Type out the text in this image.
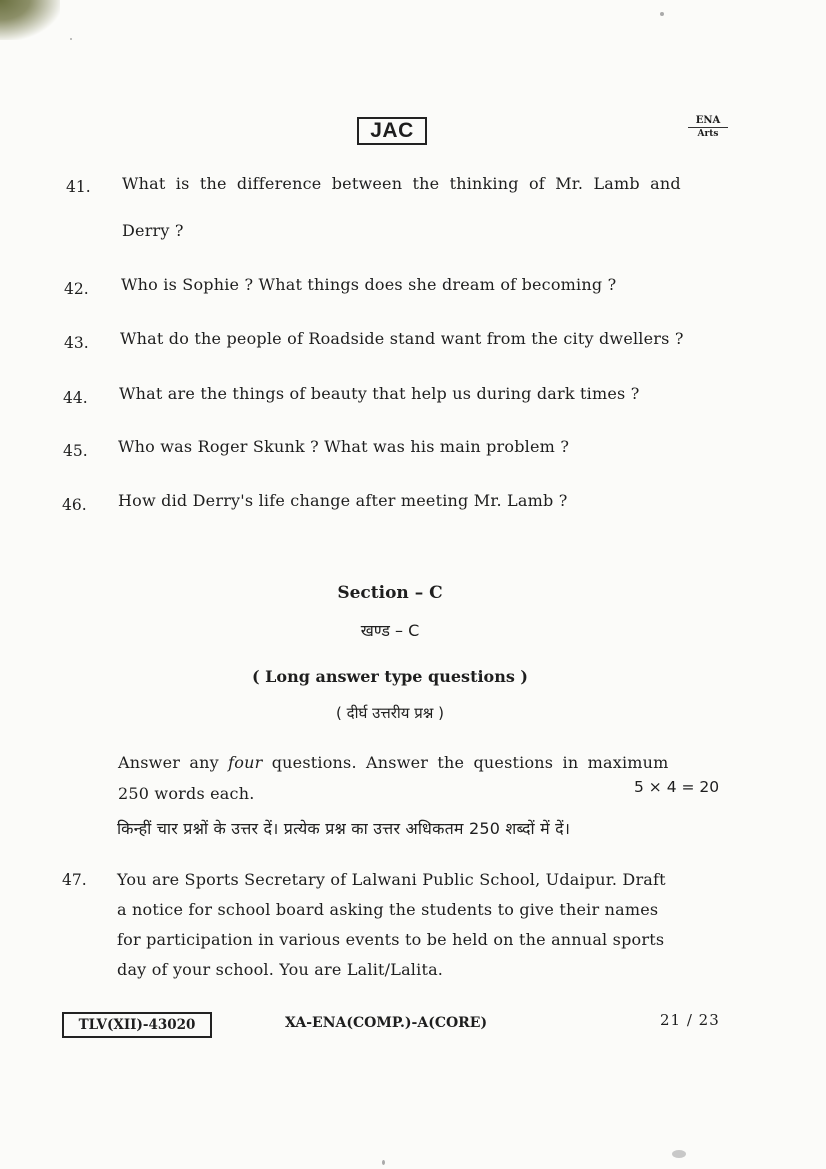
JAC	ENA
Arts
41. What is the difference between the thinking of Mr. Lamb and
Derry ?
42. Who is Sophie ? What things does she dream of becoming ?
43. What do the people of Roadside stand want from the city dwellers ?
44. What are the things of beauty that help us during dark times ?
45. Who was Roger Skunk ? What was his main problem ?
46. How did Derry's life change after meeting Mr. Lamb ?
Section – C
खण्ड – C
( Long answer type questions )
( दीर्घ उत्तरीय प्रश्न )
Answer any four questions. Answer the questions in maximum
250 words each.	5 × 4 = 20
किन्हीं चार प्रश्नों के उत्तर दें। प्रत्येक प्रश्न का उत्तर अधिकतम 250 शब्दों में दें।
47. You are Sports Secretary of Lalwani Public School, Udaipur. Draft
a notice for school board asking the students to give their names
for participation in various events to be held on the annual sports
day of your school. You are Lalit/Lalita.
TLV(XII)-43020	XA-ENA(COMP.)-A(CORE)	21 / 23
